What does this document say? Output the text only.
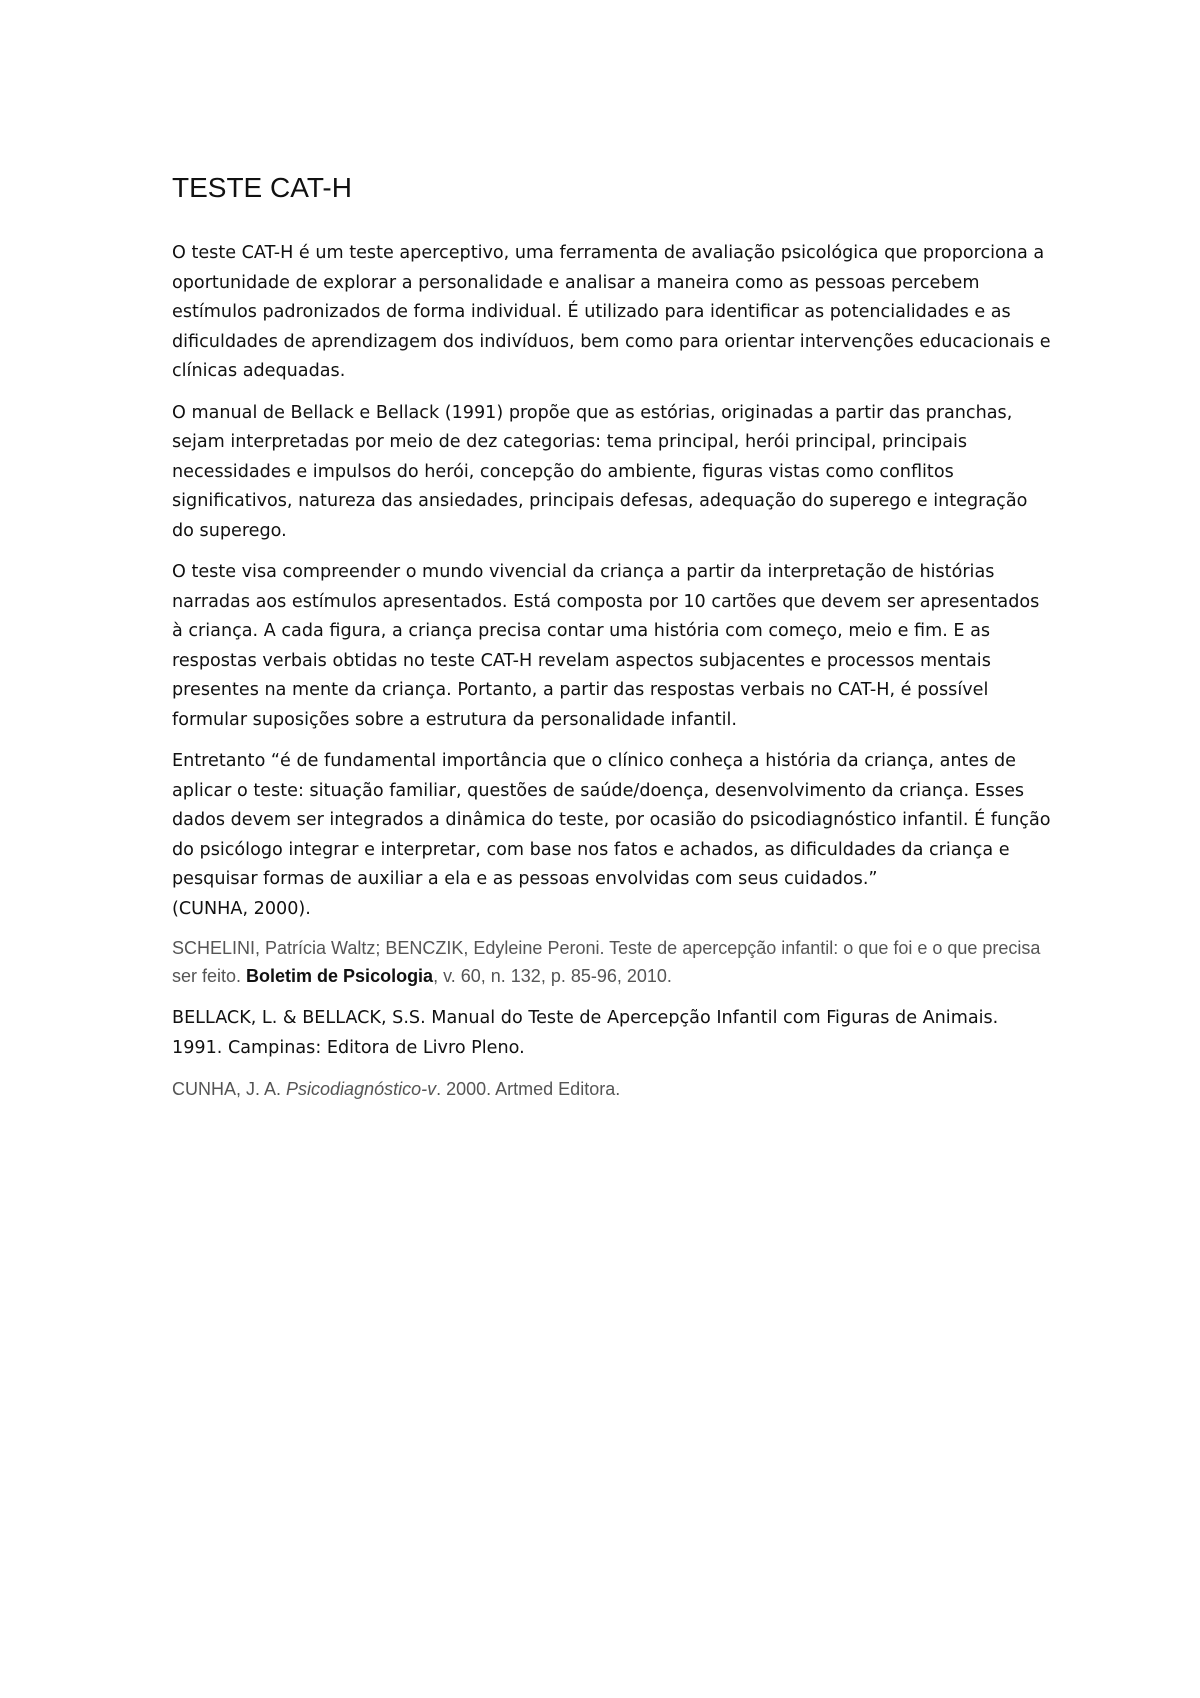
TESTE CAT-H

O teste CAT-H é um teste aperceptivo, uma ferramenta de avaliação psicológica que proporciona a oportunidade de explorar a personalidade e analisar a maneira como as pessoas percebem estímulos padronizados de forma individual. É utilizado para identificar as potencialidades e as dificuldades de aprendizagem dos indivíduos, bem como para orientar intervenções educacionais e clínicas adequadas.

O manual de Bellack e Bellack (1991) propõe que as estórias, originadas a partir das pranchas, sejam interpretadas por meio de dez categorias: tema principal, herói principal, principais necessidades e impulsos do herói, concepção do ambiente, figuras vistas como conflitos significativos, natureza das ansiedades, principais defesas, adequação do superego e integração do superego.

O teste visa compreender o mundo vivencial da criança a partir da interpretação de histórias narradas aos estímulos apresentados. Está composta por 10 cartões que devem ser apresentados à criança. A cada figura, a criança precisa contar uma história com começo, meio e fim. E as respostas verbais obtidas no teste CAT-H revelam aspectos subjacentes e processos mentais presentes na mente da criança. Portanto, a partir das respostas verbais no CAT-H, é possível formular suposições sobre a estrutura da personalidade infantil.

Entretanto “é de fundamental importância que o clínico conheça a história da criança, antes de aplicar o teste: situação familiar, questões de saúde/doença, desenvolvimento da criança. Esses dados devem ser integrados a dinâmica do teste, por ocasião do psicodiagnóstico infantil. É função do psicólogo integrar e interpretar, com base nos fatos e achados, as dificuldades da criança e pesquisar formas de auxiliar a ela e as pessoas envolvidas com seus cuidados.”

(CUNHA, 2000).

SCHELINI, Patrícia Waltz; BENCZIK, Edyleine Peroni. Teste de apercepção infantil: o que foi e o que precisa ser feito. Boletim de Psicologia, v. 60, n. 132, p. 85-96, 2010.

BELLACK, L. & BELLACK, S.S. Manual do Teste de Apercepção Infantil com Figuras de Animais. 1991. Campinas: Editora de Livro Pleno.

CUNHA, J. A. Psicodiagnóstico-v. 2000. Artmed Editora.
